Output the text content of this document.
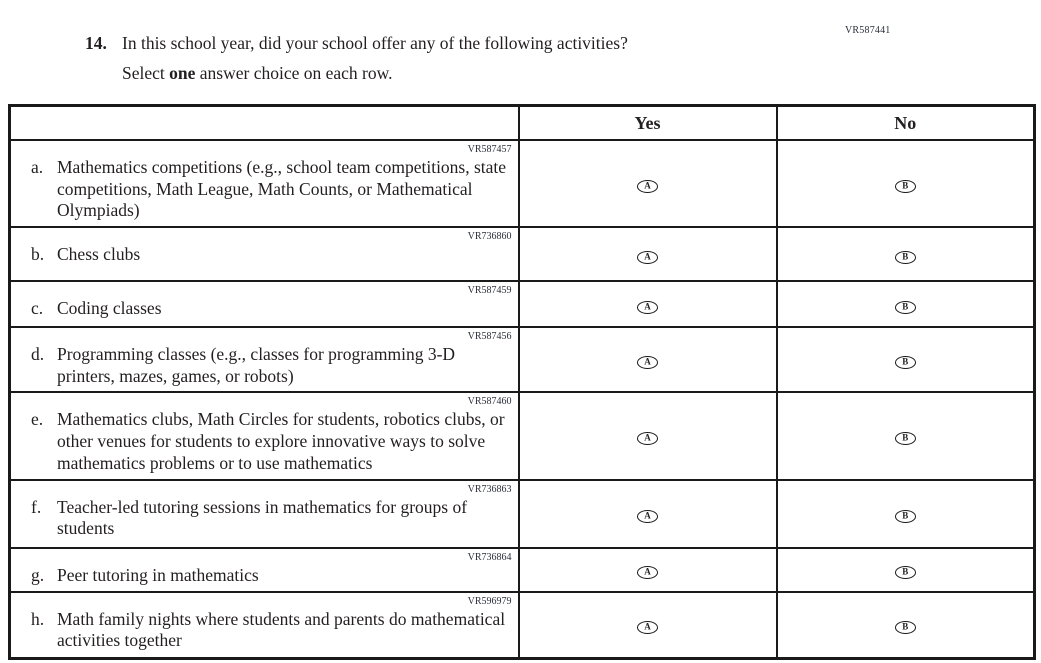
VR587441
14. In this school year, did your school offer any of the following activities?
Select one answer choice on each row.
	Yes	No

VR587457
a. Mathematics competitions (e.g., school team competitions, state competitions, Math League, Math Counts, or Mathematical Olympiads)	A	B

VR736860
b. Chess clubs	A	B

VR587459
c. Coding classes	A	B

VR587456
d. Programming classes (e.g., classes for programming 3-D printers, mazes, games, or robots)	A	B

VR587460
e. Mathematics clubs, Math Circles for students, robotics clubs, or other venues for students to explore innovative ways to solve mathematics problems or to use mathematics	A	B

VR736863
f. Teacher-led tutoring sessions in mathematics for groups of students	A	B

VR736864
g. Peer tutoring in mathematics	A	B

VR596979
h. Math family nights where students and parents do mathematical activities together	A	B
